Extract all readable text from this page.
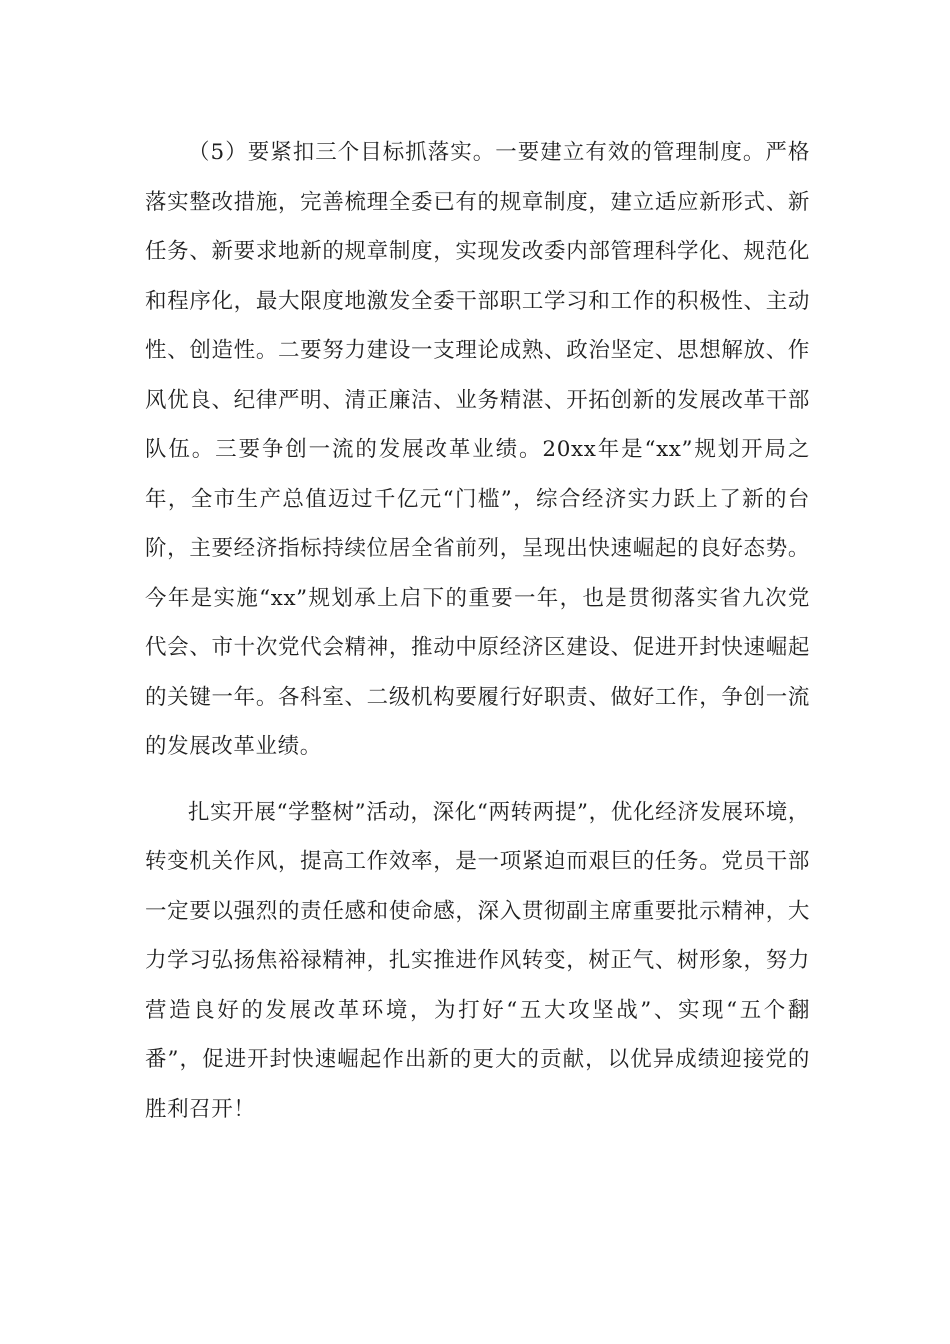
（5）要紧扣三个目标抓落实。一要建立有效的管理制度。严格落实整改措施，完善梳理全委已有的规章制度，建立适应新形式、新任务、新要求地新的规章制度，实现发改委内部管理科学化、规范化和程序化，最大限度地激发全委干部职工学习和工作的积极性、主动性、创造性。二要努力建设一支理论成熟、政治坚定、思想解放、作风优良、纪律严明、清正廉洁、业务精湛、开拓创新的发展改革干部队伍。三要争创一流的发展改革业绩。20xx年是“xx”规划开局之年，全市生产总值迈过千亿元“门槛”，综合经济实力跃上了新的台阶，主要经济指标持续位居全省前列，呈现出快速崛起的良好态势。今年是实施“xx”规划承上启下的重要一年，也是贯彻落实省九次党代会、市十次党代会精神，推动中原经济区建设、促进开封快速崛起的关键一年。各科室、二级机构要履行好职责、做好工作，争创一流的发展改革业绩。

扎实开展“学整树”活动，深化“两转两提”，优化经济发展环境，转变机关作风，提高工作效率，是一项紧迫而艰巨的任务。党员干部一定要以强烈的责任感和使命感，深入贯彻副主席重要批示精神，大力学习弘扬焦裕禄精神，扎实推进作风转变，树正气、树形象，努力营造良好的发展改革环境，为打好“五大攻坚战”、实现“五个翻番”，促进开封快速崛起作出新的更大的贡献，以优异成绩迎接党的胜利召开！
